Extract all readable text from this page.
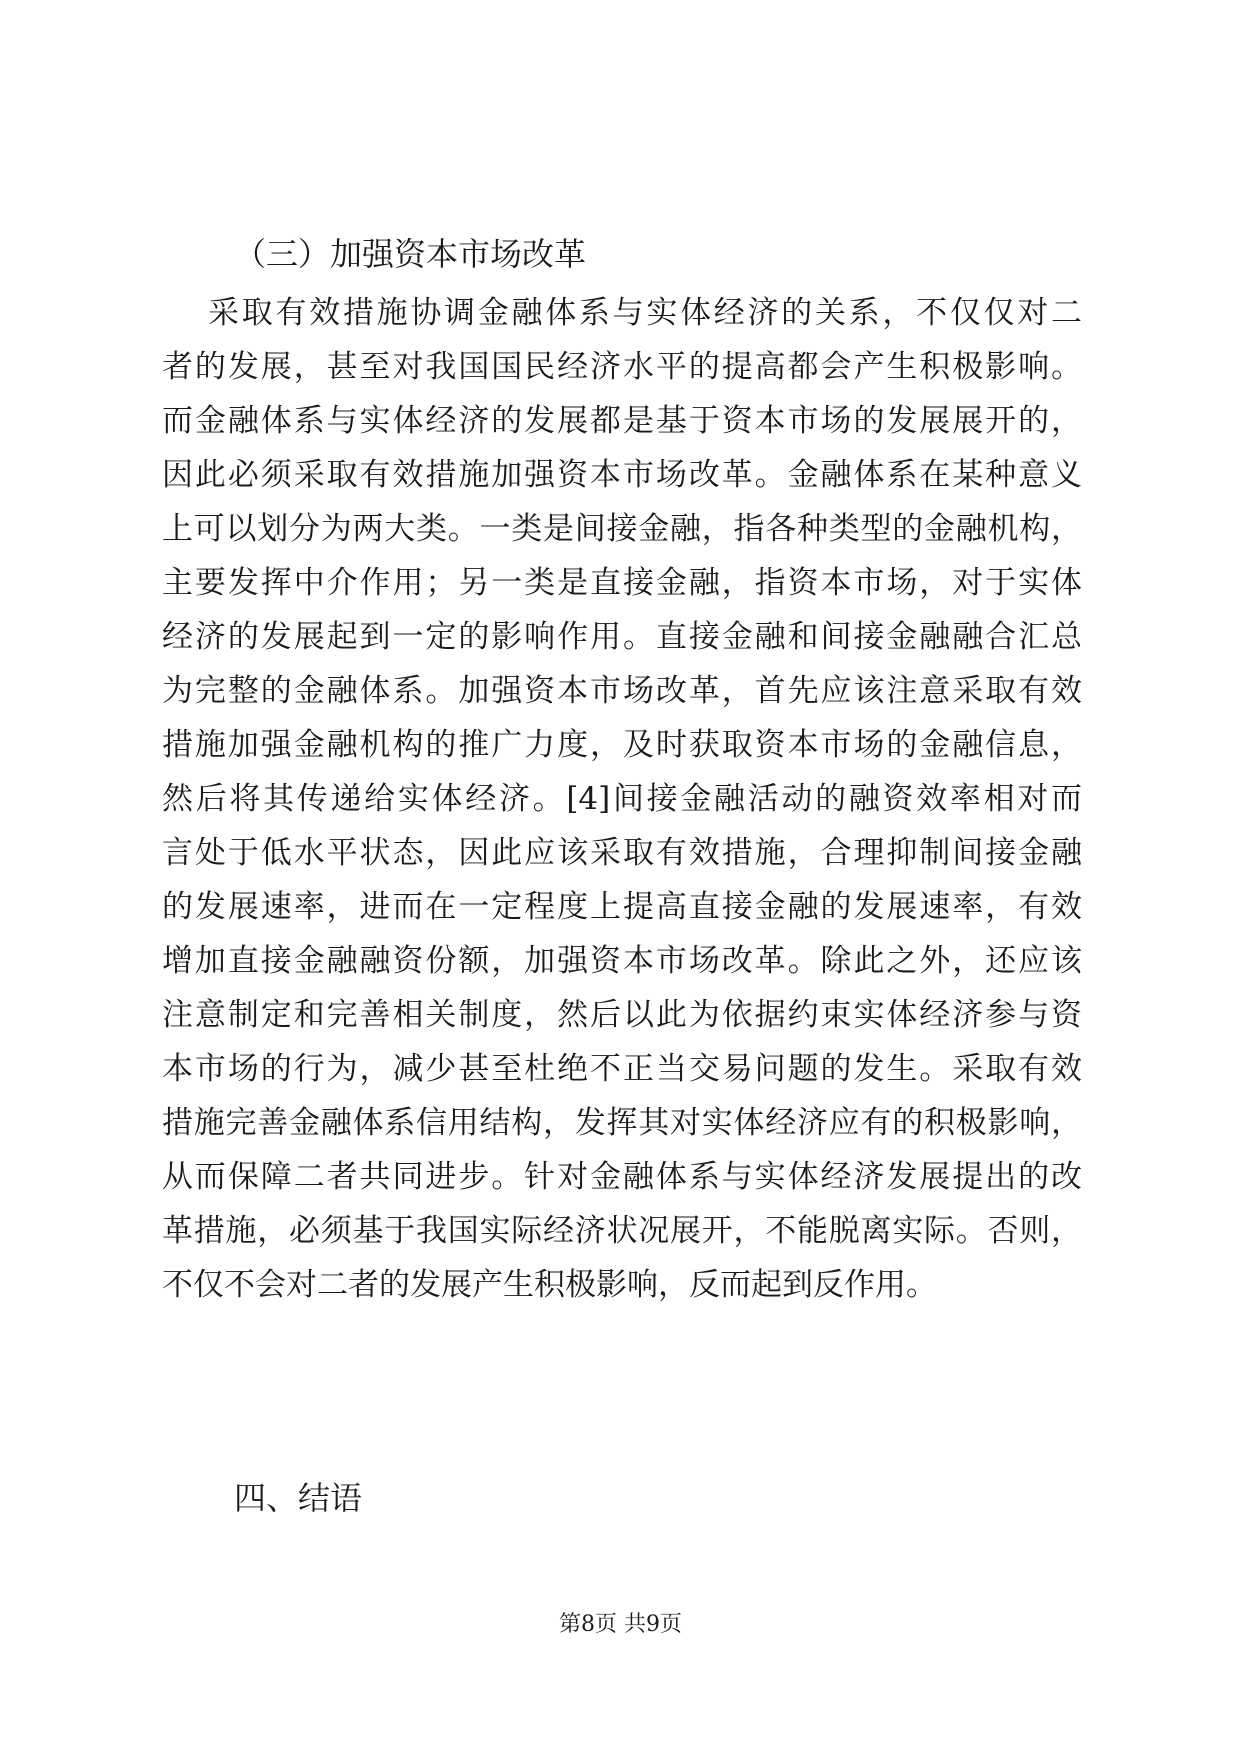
（三）加强资本市场改革
采取有效措施协调金融体系与实体经济的关系，不仅仅对二
者的发展，甚至对我国国民经济水平的提高都会产生积极影响。
而金融体系与实体经济的发展都是基于资本市场的发展展开的，
因此必须采取有效措施加强资本市场改革。金融体系在某种意义
上可以划分为两大类。一类是间接金融，指各种类型的金融机构，
主要发挥中介作用；另一类是直接金融，指资本市场，对于实体
经济的发展起到一定的影响作用。直接金融和间接金融融合汇总
为完整的金融体系。加强资本市场改革，首先应该注意采取有效
措施加强金融机构的推广力度，及时获取资本市场的金融信息，
然后将其传递给实体经济。[4]间接金融活动的融资效率相对而
言处于低水平状态，因此应该采取有效措施，合理抑制间接金融
的发展速率，进而在一定程度上提高直接金融的发展速率，有效
增加直接金融融资份额，加强资本市场改革。除此之外，还应该
注意制定和完善相关制度，然后以此为依据约束实体经济参与资
本市场的行为，减少甚至杜绝不正当交易问题的发生。采取有效
措施完善金融体系信用结构，发挥其对实体经济应有的积极影响，
从而保障二者共同进步。针对金融体系与实体经济发展提出的改
革措施，必须基于我国实际经济状况展开，不能脱离实际。否则，
不仅不会对二者的发展产生积极影响，反而起到反作用。
四、结语
第8页 共9页
